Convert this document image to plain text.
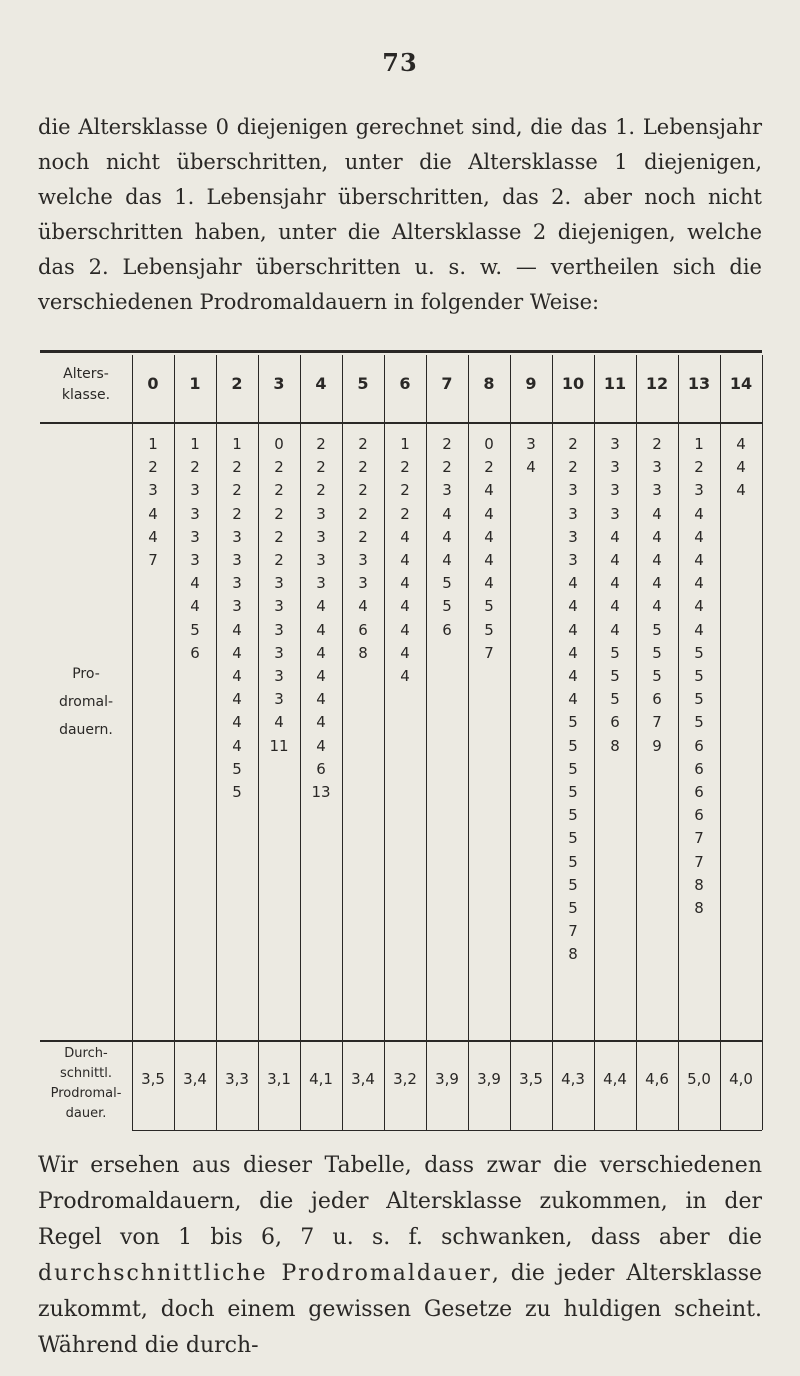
73

die Altersklasse 0 diejenigen gerechnet sind, die das 1. Lebensjahr noch nicht überschritten, unter die Altersklasse 1 diejenigen, welche das 1. Lebensjahr überschritten, das 2. aber noch nicht überschritten haben, unter die Altersklasse 2 diejenigen, welche das 2. Lebensjahr überschritten u. s. w. — vertheilen sich die verschiedenen Prodromaldauern in folgender Weise:

Alters-
klasse.
Pro-
dromal-
dauern.
Durch-
schnittl.
Prodromal-
dauer.
0
1
2
3
4
4
7
3,5
1
1
2
3
3
3
3
4
4
5
6
3,4
2
1
2
2
2
3
3
3
3
4
4
4
4
4
4
5
5
3,3
3
0
2
2
2
2
2
3
3
3
3
3
3
4
11
3,1
4
2
2
2
3
3
3
3
4
4
4
4
4
4
4
6
13
4,1
5
2
2
2
2
2
3
3
4
6
8
3,4
6
1
2
2
2
4
4
4
4
4
4
4
3,2
7
2
2
3
4
4
4
5
5
6
3,9
8
0
2
4
4
4
4
4
5
5
7
3,9
9
3
4
3,5
10
2
2
3
3
3
3
4
4
4
4
4
4
5
5
5
5
5
5
5
5
5
7
8
4,3
11
3
3
3
3
4
4
4
4
4
5
5
5
6
8
4,4
12
2
3
3
4
4
4
4
4
5
5
5
6
7
9
4,6
13
1
2
3
4
4
4
4
4
4
5
5
5
5
6
6
6
6
7
7
8
8
5,0
14
4
4
4
4,0

Wir ersehen aus dieser Tabelle, dass zwar die verschiedenen Prodromaldauern, die jeder Altersklasse zukommen, in der Regel von 1 bis 6, 7 u. s. f. schwanken, dass aber die durchschnittliche Prodromaldauer, die jeder Altersklasse zukommt, doch einem gewissen Gesetze zu huldigen scheint. Während die durch-
